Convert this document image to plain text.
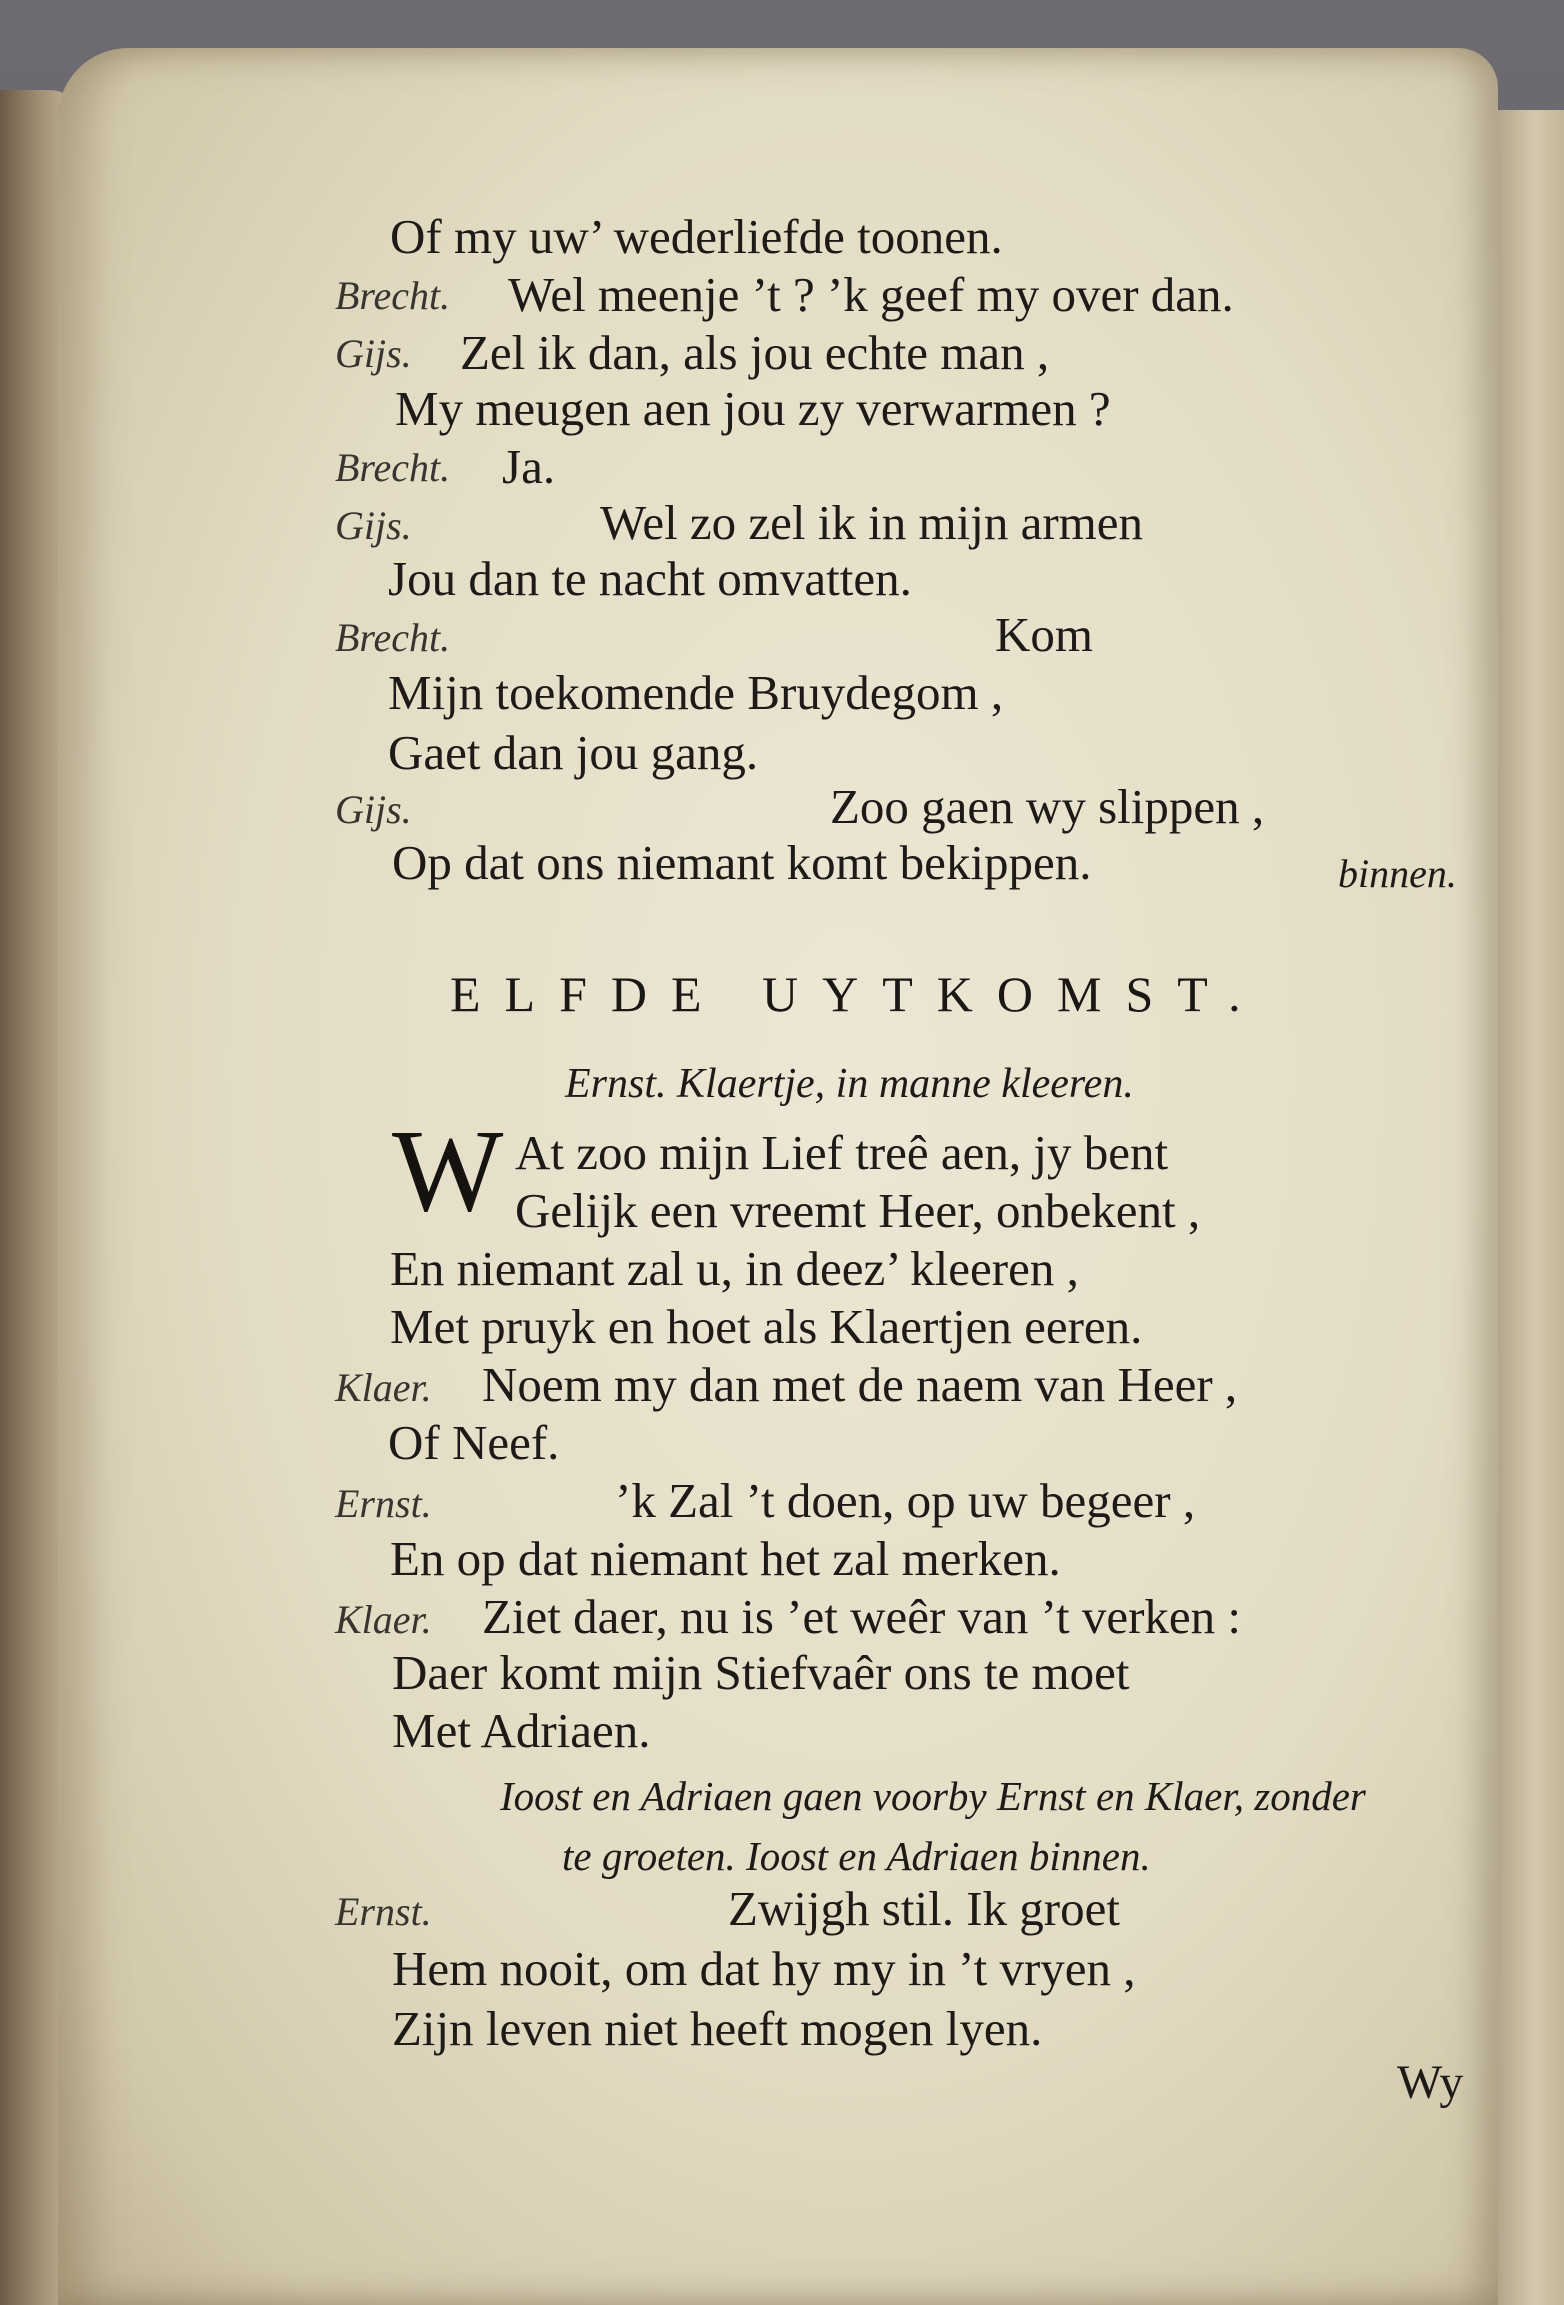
Of my uw’ wederliefde toonen.
Brecht. Wel meenje ’t ? ’k geef my over dan.
Gijs. Zel ik dan, als jou echte man ,
My meugen aen jou zy verwarmen ?
Brecht. Ja.
Gijs.	Wel zo zel ik in mijn armen
Jou dan te nacht omvatten.
Brecht.	Kom
Mijn toekomende Bruydegom ,
Gaet dan jou gang.
Gijs.	Zoo gaen wy slippen ,
Op dat ons niemant komt bekippen.	binnen.
ELFDE UYTKOMST.
Ernst. Klaertje, in manne kleeren.
W At zoo mijn Lief treê aen, jy bent
Gelijk een vreemt Heer, onbekent ,
En niemant zal u, in deez’ kleeren ,
Met pruyk en hoet als Klaertjen eeren.
Klaer. Noem my dan met de naem van Heer ,
Of Neef.
Ernst.	’k Zal ’t doen, op uw begeer ,
En op dat niemant het zal merken.
Klaer. Ziet daer, nu is ’et weêr van ’t verken :
Daer komt mijn Stiefvaêr ons te moet
Met Adriaen.
Ioost en Adriaen gaen voorby Ernst en Klaer, zonder
te groeten. Ioost en Adriaen binnen.
Ernst.	Zwijgh stil. Ik groet
Hem nooit, om dat hy my in ’t vryen ,
Zijn leven niet heeft mogen lyen.
Wy
